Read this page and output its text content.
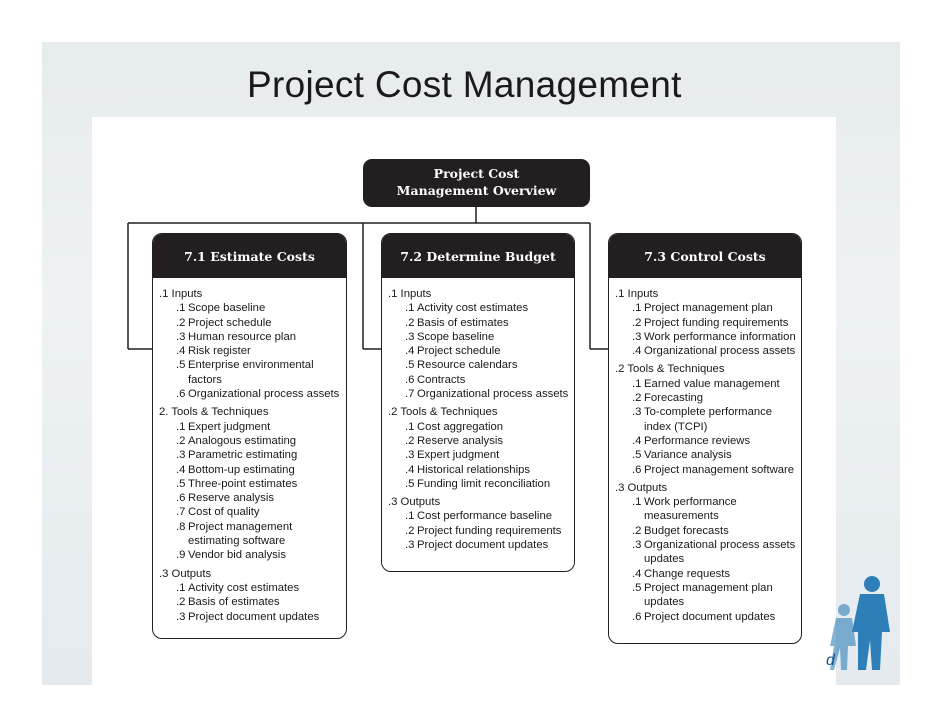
Project Cost Management
Project Cost
Management Overview
7.1 Estimate Costs
.1 Inputs
.1 Scope baseline
.2 Project schedule
.3 Human resource plan
.4 Risk register
.5 Enterprise environmental
factors
.6 Organizational process assets
2. Tools & Techniques
.1 Expert judgment
.2 Analogous estimating
.3 Parametric estimating
.4 Bottom-up estimating
.5 Three-point estimates
.6 Reserve analysis
.7 Cost of quality
.8 Project management
estimating software
.9 Vendor bid analysis
.3 Outputs
.1 Activity cost estimates
.2 Basis of estimates
.3 Project document updates
7.2 Determine Budget
.1 Inputs
.1 Activity cost estimates
.2 Basis of estimates
.3 Scope baseline
.4 Project schedule
.5 Resource calendars
.6 Contracts
.7 Organizational process assets
.2 Tools & Techniques
.1 Cost aggregation
.2 Reserve analysis
.3 Expert judgment
.4 Historical relationships
.5 Funding limit reconciliation
.3 Outputs
.1 Cost performance baseline
.2 Project funding requirements
.3 Project document updates
7.3 Control Costs
.1 Inputs
.1 Project management plan
.2 Project funding requirements
.3 Work performance information
.4 Organizational process assets
.2 Tools & Techniques
.1 Earned value management
.2 Forecasting
.3 To-complete performance
index (TCPI)
.4 Performance reviews
.5 Variance analysis
.6 Project management software
.3 Outputs
.1 Work performance
measurements
.2 Budget forecasts
.3 Organizational process assets
updates
.4 Change requests
.5 Project management plan
updates
.6 Project document updates
d
